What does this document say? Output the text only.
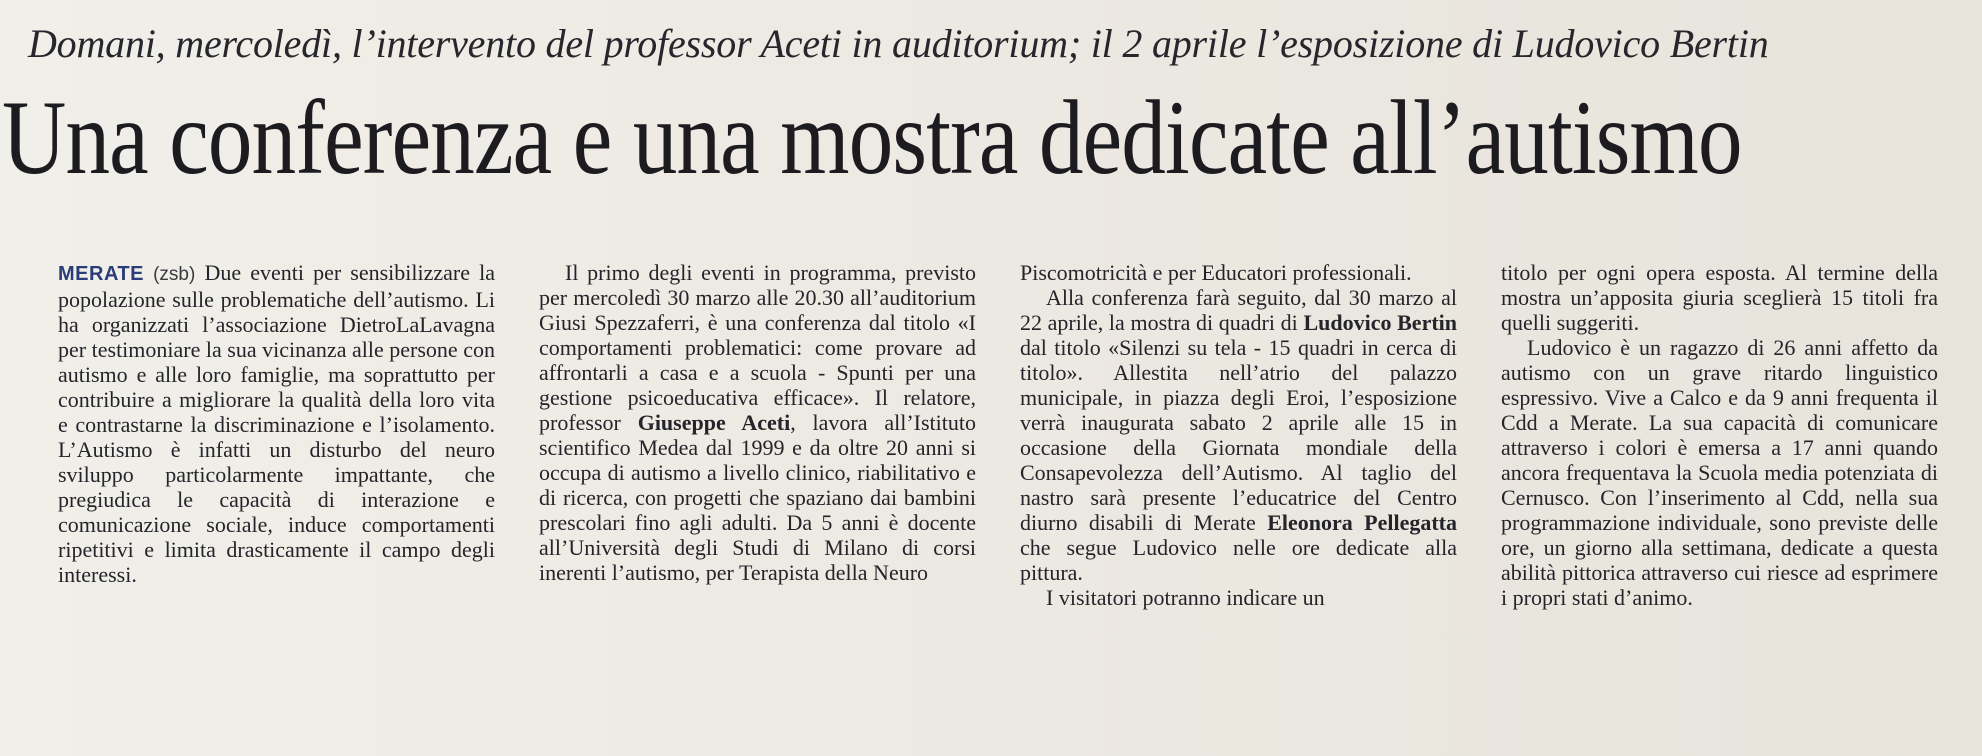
Domani, mercoledì, l’intervento del professor Aceti in auditorium; il 2 aprile l’esposizione di Ludovico Bertin
Una conferenza e una mostra dedicate all’autismo

MERATE (zsb) Due eventi per sensibilizzare la popolazione sulle problematiche dell’autismo. Li ha organizzati l’associazione DietroLaLavagna per testimoniare la sua vicinanza alle persone con autismo e alle loro famiglie, ma soprattutto per contribuire a migliorare la qualità della loro vita e contrastarne la discriminazione e l’isolamento. L’Autismo è infatti un disturbo del neuro sviluppo particolarmente impattante, che pregiudica le capacità di interazione e comunicazione sociale, induce comportamenti ripetitivi e limita drasticamente il campo degli interessi.

Il primo degli eventi in programma, previsto per mercoledì 30 marzo alle 20.30 all’auditorium Giusi Spezzaferri, è una conferenza dal titolo «I comportamenti problematici: come provare ad affrontarli a casa e a scuola - Spunti per una gestione psicoeducativa efficace». Il relatore, professor Giuseppe Aceti, lavora all’Istituto scientifico Medea dal 1999 e da oltre 20 anni si occupa di autismo a livello clinico, riabilitativo e di ricerca, con progetti che spaziano dai bambini prescolari fino agli adulti. Da 5 anni è docente all’Università degli Studi di Milano di corsi inerenti l’autismo, per Terapista della Neuro

Piscomotricità e per Educatori professionali.

Alla conferenza farà seguito, dal 30 marzo al 22 aprile, la mostra di quadri di Ludovico Bertin dal titolo «Silenzi su tela - 15 quadri in cerca di titolo». Allestita nell’atrio del palazzo municipale, in piazza degli Eroi, l’esposizione verrà inaugurata sabato 2 aprile alle 15 in occasione della Giornata mondiale della Consapevolezza dell’Autismo. Al taglio del nastro sarà presente l’educatrice del Centro diurno disabili di Merate Eleonora Pellegatta che segue Ludovico nelle ore dedicate alla pittura.

I visitatori potranno indicare un

titolo per ogni opera esposta. Al termine della mostra un’apposita giuria sceglierà 15 titoli fra quelli suggeriti.

Ludovico è un ragazzo di 26 anni affetto da autismo con un grave ritardo linguistico espressivo. Vive a Calco e da 9 anni frequenta il Cdd a Merate. La sua capacità di comunicare attraverso i colori è emersa a 17 anni quando ancora frequentava la Scuola media potenziata di Cernusco. Con l’inserimento al Cdd, nella sua programmazione individuale, sono previste delle ore, un giorno alla settimana, dedicate a questa abilità pittorica attraverso cui riesce ad esprimere i propri stati d’animo.
